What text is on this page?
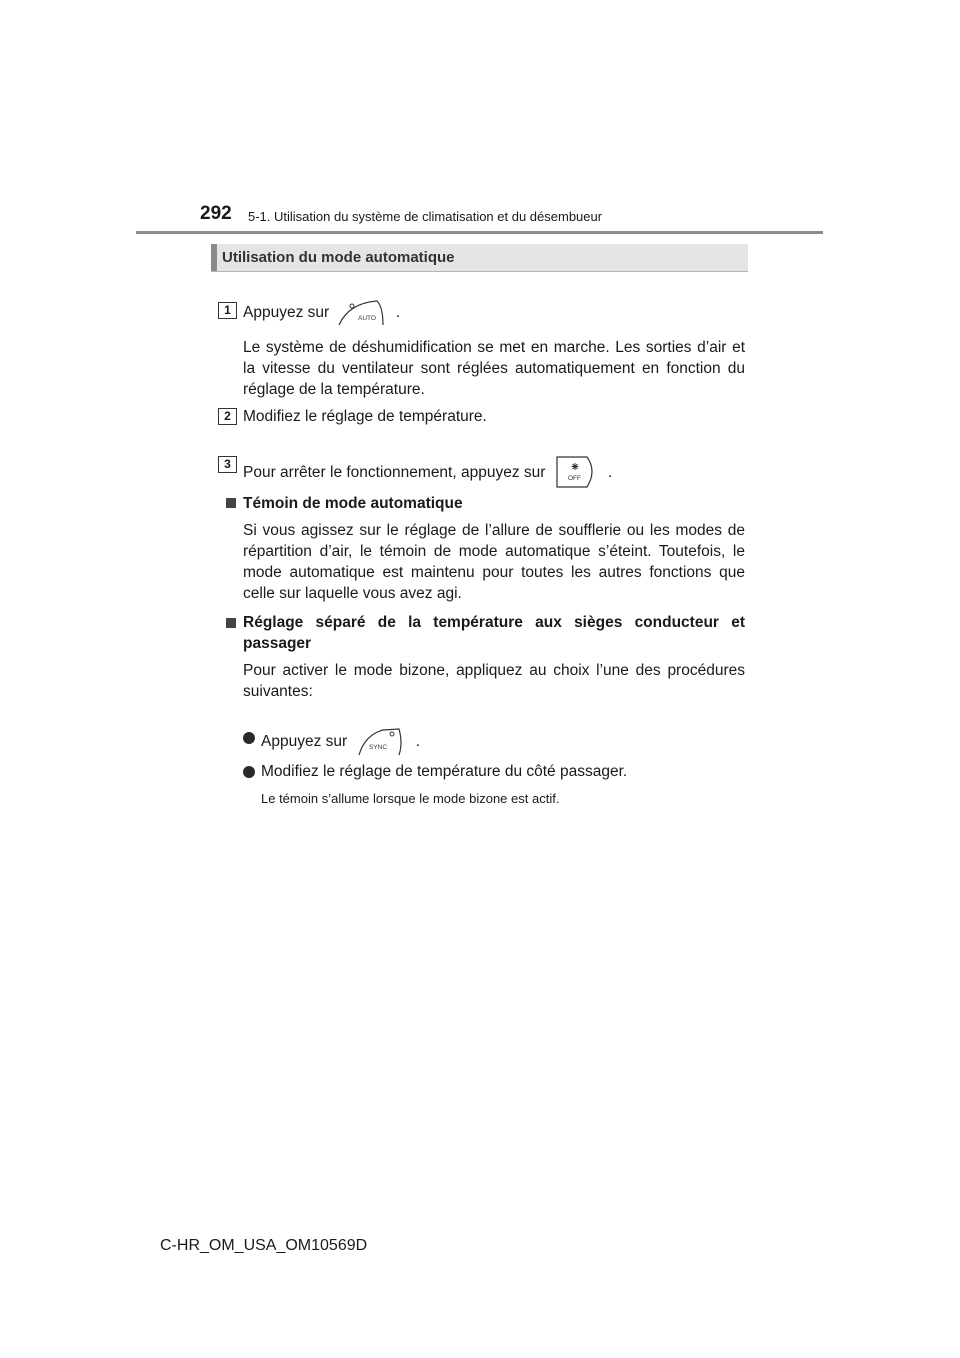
292 5-1. Utilisation du système de climatisation et du désembueur
Utilisation du mode automatique
1 Appuyez sur	AUTO .
Le système de déshumidification se met en marche. Les sorties d’air et la vitesse du ventilateur sont réglées automatiquement en fonction du réglage de la température.
2 Modifiez le réglage de température.
3 Pour arrêter le fonctionnement, appuyez sur	OFF .
Témoin de mode automatique
Si vous agissez sur le réglage de l’allure de soufflerie ou les modes de répartition d’air, le témoin de mode automatique s’éteint. Toutefois, le mode automatique est maintenu pour toutes les autres fonctions que celle sur laquelle vous avez agi.
Réglage séparé de la température aux sièges conducteur et passager
Pour activer le mode bizone, appliquez au choix l’une des procédures suivantes:
Appuyez sur	SYNC .
Modifiez le réglage de température du côté passager.
Le témoin s’allume lorsque le mode bizone est actif.
C-HR_OM_USA_OM10569D
